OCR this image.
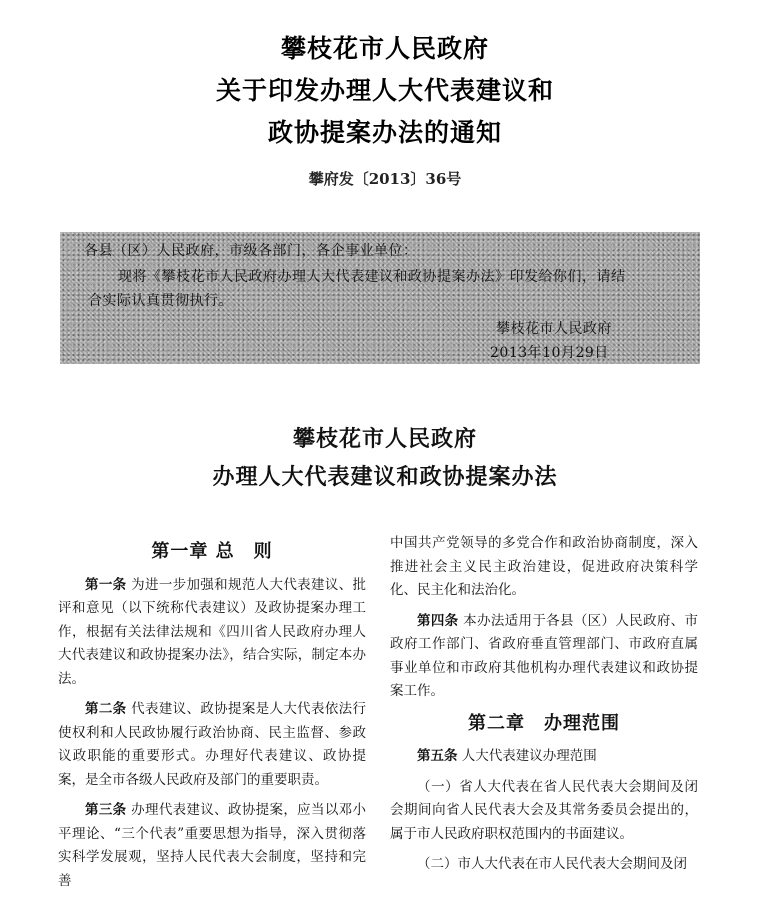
攀枝花市人民政府
关于印发办理人大代表建议和
政协提案办法的通知
攀府发〔2013〕36号
各县（区）人民政府，市级各部门，各企事业单位：
现将《攀枝花市人民政府办理人大代表建议和政协提案办法》印发给你们，请结
合实际认真贯彻执行。
攀枝花市人民政府
2013年10月29日
攀枝花市人民政府
办理人大代表建议和政协提案办法
第一章 总　则

第一条 为进一步加强和规范人大代表建议、批评和意见（以下统称代表建议）及政协提案办理工作，根据有关法律法规和《四川省人民政府办理人大代表建议和政协提案办法》，结合实际，制定本办法。

第二条 代表建议、政协提案是人大代表依法行使权利和人民政协履行政治协商、民主监督、参政议政职能的重要形式。办理好代表建议、政协提案，是全市各级人民政府及部门的重要职责。

第三条 办理代表建议、政协提案，应当以邓小平理论、“三个代表”重要思想为指导，深入贯彻落实科学发展观，坚持人民代表大会制度，坚持和完善

中国共产党领导的多党合作和政治协商制度，深入推进社会主义民主政治建设，促进政府决策科学化、民主化和法治化。

第四条 本办法适用于各县（区）人民政府、市政府工作部门、省政府垂直管理部门、市政府直属事业单位和市政府其他机构办理代表建议和政协提案工作。

第二章　办理范围

第五条 人大代表建议办理范围

（一）省人大代表在省人民代表大会期间及闭会期间向省人民代表大会及其常务委员会提出的，属于市人民政府职权范围内的书面建议。

（二）市人大代表在市人民代表大会期间及闭
